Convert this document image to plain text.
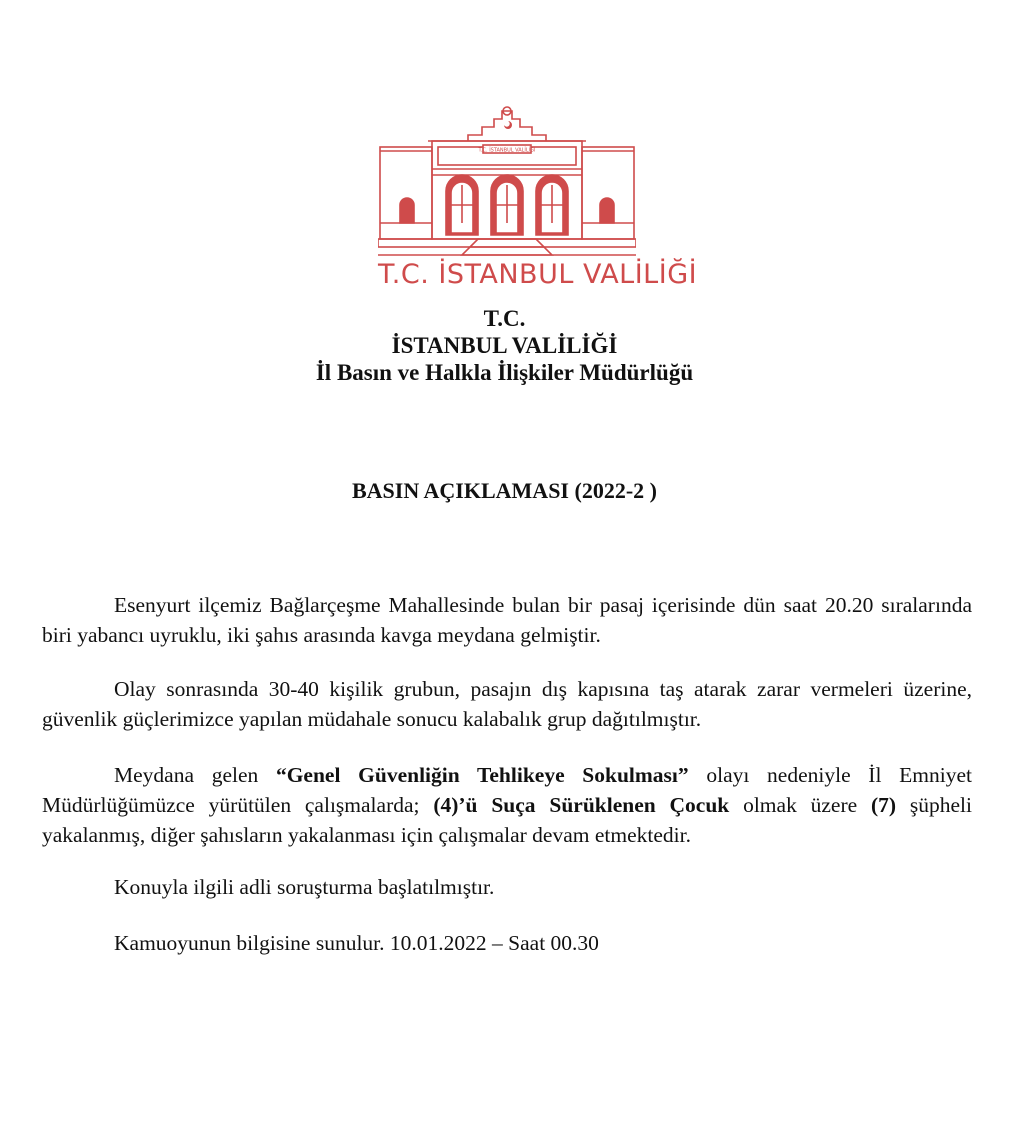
T.C. İSTANBUL VALİLİĞİ
T.C. İSTANBUL VALİLİĞİ
T.C.
İSTANBUL VALİLİĞİ
İl Basın ve Halkla İlişkiler Müdürlüğü
BASIN AÇIKLAMASI (2022-2 )
Esenyurt ilçemiz Bağlarçeşme Mahallesinde bulan bir pasaj içerisinde dün saat 20.20 sıralarında biri yabancı uyruklu, iki şahıs arasında kavga meydana gelmiştir.
Olay sonrasında 30-40 kişilik grubun, pasajın dış kapısına taş atarak zarar vermeleri üzerine, güvenlik güçlerimizce yapılan müdahale sonucu kalabalık grup dağıtılmıştır.
Meydana gelen “Genel Güvenliğin Tehlikeye Sokulması” olayı nedeniyle İl Emniyet Müdürlüğümüzce yürütülen çalışmalarda; (4)’ü Suça Sürüklenen Çocuk olmak üzere (7) şüpheli yakalanmış, diğer şahısların yakalanması için çalışmalar devam etmektedir.
Konuyla ilgili adli soruşturma başlatılmıştır.
Kamuoyunun bilgisine sunulur. 10.01.2022 – Saat 00.30
